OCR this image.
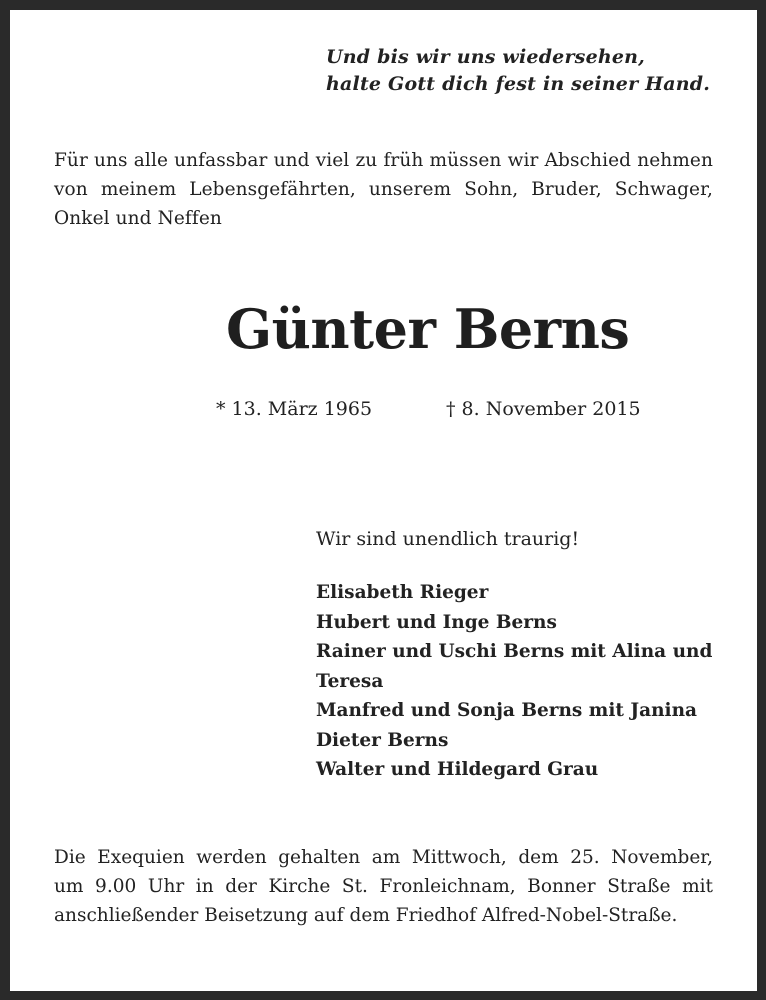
Und bis wir uns wiedersehen,
halte Gott dich fest in seiner Hand.
Für uns alle unfassbar und viel zu früh müssen wir Abschied nehmen
von meinem Lebensgefährten, unserem Sohn, Bruder, Schwager,
Onkel und Neffen
Günter Berns
* 13. März 1965	† 8. November 2015
Wir sind unendlich traurig!
Elisabeth Rieger
Hubert und Inge Berns
Rainer und Uschi Berns mit Alina und
Teresa
Manfred und Sonja Berns mit Janina
Dieter Berns
Walter und Hildegard Grau
Die Exequien werden gehalten am Mittwoch, dem 25. November,
um 9.00 Uhr in der Kirche St. Fronleichnam, Bonner Straße mit
anschließender Beisetzung auf dem Friedhof Alfred-Nobel-Straße.
